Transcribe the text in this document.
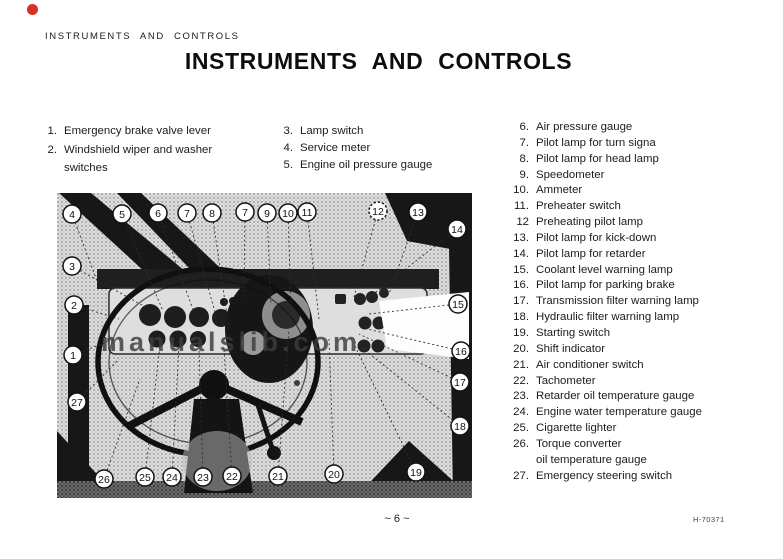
INSTRUMENTS AND CONTROLS
INSTRUMENTS AND CONTROLS
1. Emergency brake valve lever
2. Windshield wiper and washer
switches
3. Lamp switch
4. Service meter
5. Engine oil pressure gauge
6. Air pressure gauge
7. Pilot lamp for turn signa
8. Pilot lamp for head lamp
9. Speedometer
10. Ammeter
11. Preheater switch
12 Preheating pilot lamp
13. Pilot lamp for kick-down
14. Pilot lamp for retarder
15. Coolant level warning lamp
16. Pilot lamp for parking brake
17. Transmission filter warning lamp
18. Hydraulic filter warning lamp
19. Starting switch
20. Shift indicator
21. Air conditioner switch
22. Tachometer
23. Retarder oil temperature gauge
24. Engine water temperature gauge
25. Cigarette lighter
26. Torque converter
oil temperature gauge
27. Emergency steering switch
4	5	6 7 8	7 9 10 11	12	13
14
3
2	15
1	16
17
27
18
26	25 24 23 22	21	20	19
manualslib.com
~ 6 ~	H-70371
